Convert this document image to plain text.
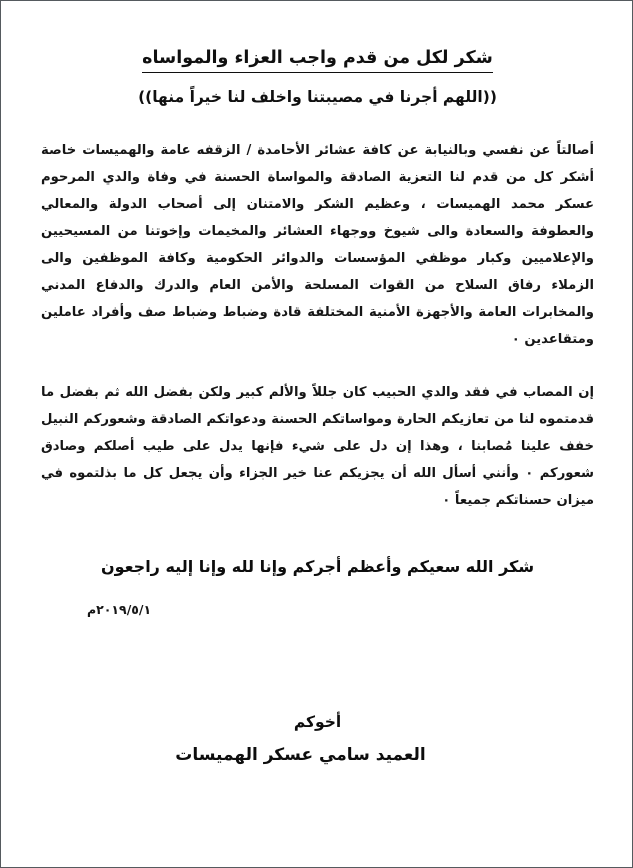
شكر لكل من قدم واجب العزاء والمواساه
((اللهم أجرنا في مصيبتنا واخلف لنا خيراً منها))

أصالتاً عن نفسي وبالنيابة عن كافة عشائر الأحامدة / الزقفه عامة والهميسات خاصة أشكر كل من قدم لنا التعزية الصادقة والمواساة الحسنة في وفاة والدي المرحوم عسكر محمد الهميسات ، وعظيم الشكر والامتنان إلى أصحاب الدولة والمعالي والعطوفة والسعادة والى شيوخ ووجهاء العشائر والمخيمات وإخوتنا من المسيحيين والإعلاميين وكبار موظفي المؤسسات والدوائر الحكومية وكافة الموظفين والى الزملاء رفاق السلاح من القوات المسلحة والأمن العام والدرك والدفاع المدني والمخابرات العامة والأجهزة الأمنية المختلفة قادة وضباط وضباط صف وأفراد عاملين ومتقاعدين ٠

إن المصاب في فقد والدي الحبيب كان جللاً والألم كبير ولكن بفضل الله ثم بفضل ما قدمتموه لنا من تعازيكم الحارة ومواساتكم الحسنة ودعواتكم الصادقة وشعوركم النبيل خفف علينا مُصابنا ، وهذا إن دل على شيء فإنها يدل على طيب أصلكم وصادق شعوركم ٠ وأنني أسأل الله أن يجزيكم عنا خير الجزاء وأن يجعل كل ما بذلتموه في ميزان حسناتكم جميعاً ٠

شكر الله سعيكم وأعظم أجركم وإنا لله وإنا إليه راجعون
٢٠١٩/٥/١م
أخوكم
العميد سامي عسكر الهميسات
